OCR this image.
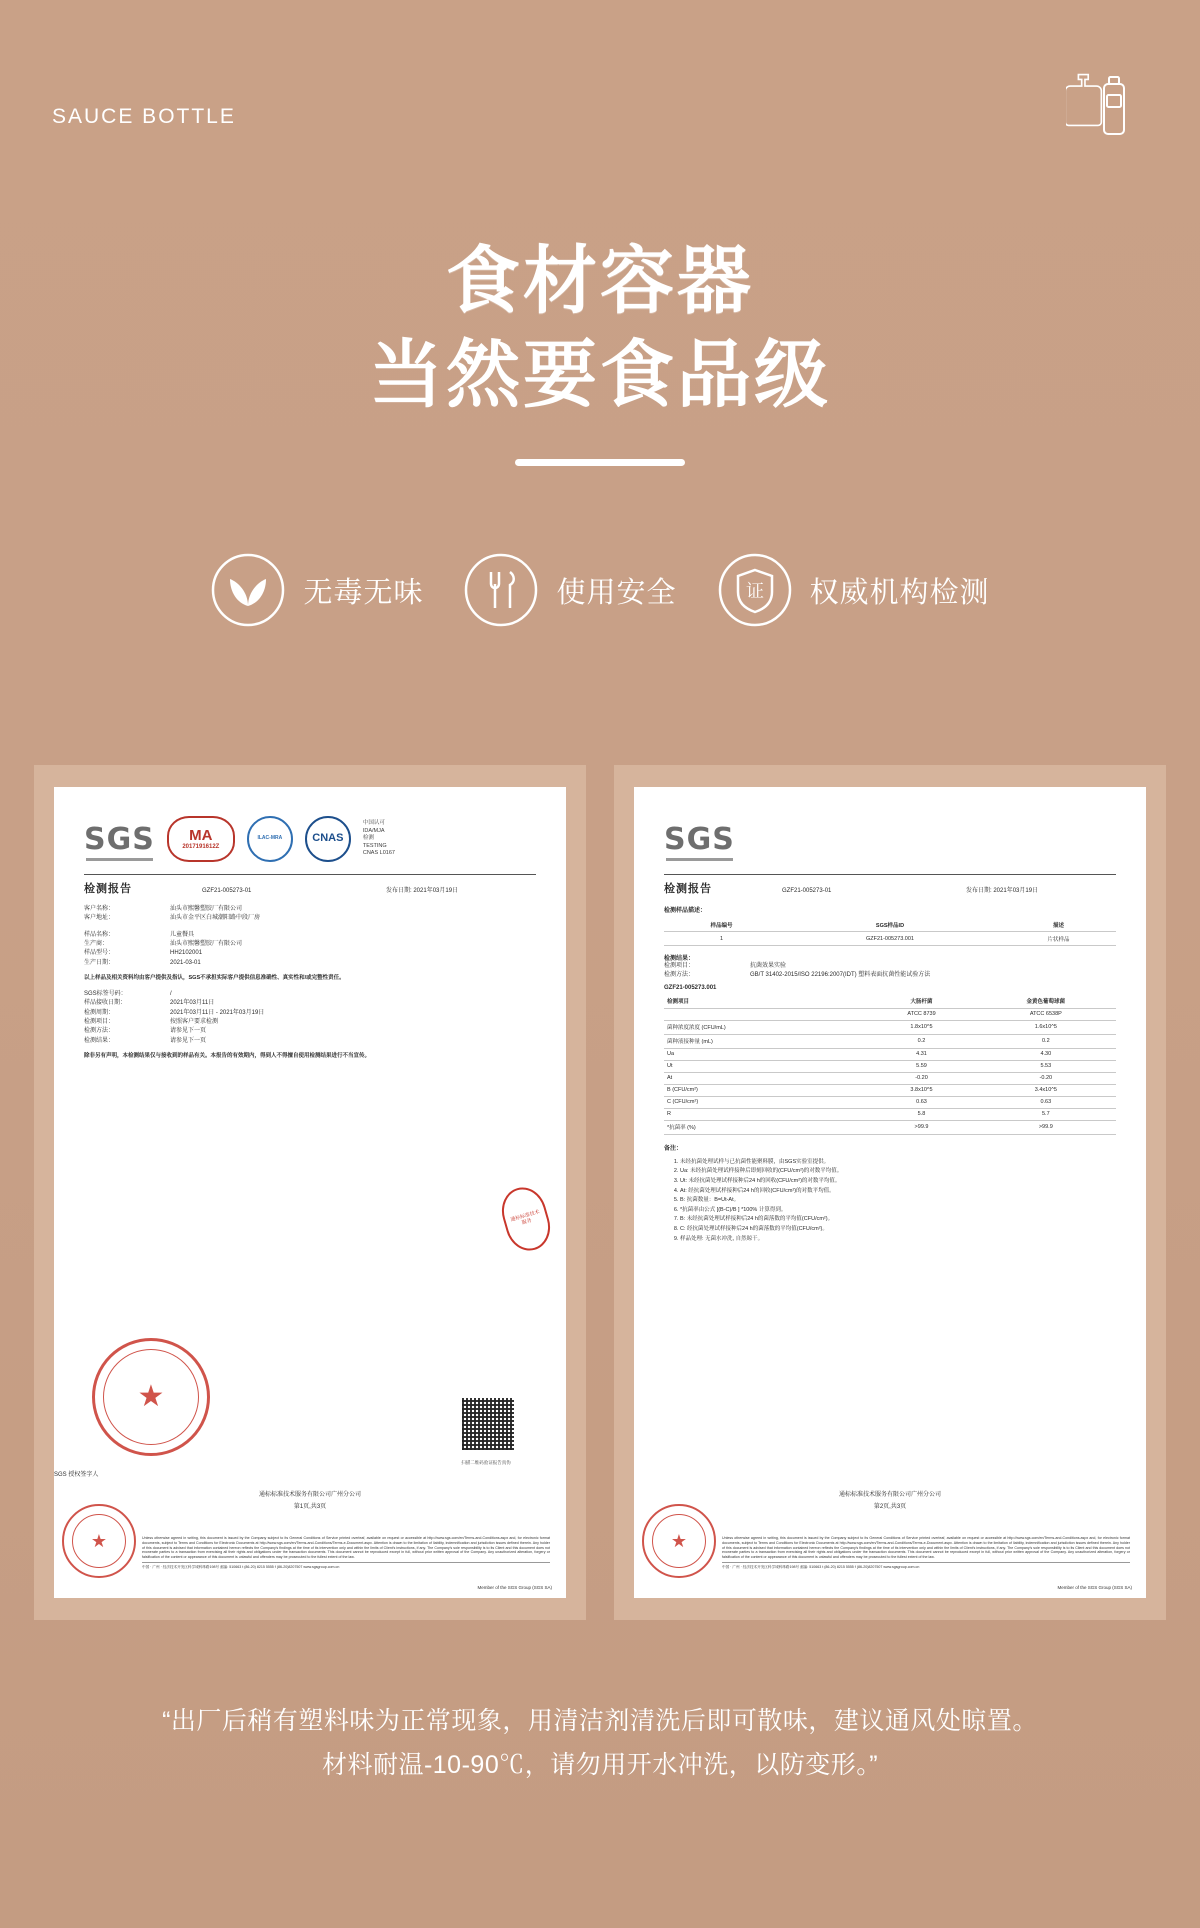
SAUCE BOTTLE
食材容器
当然要食品级
无毒无味	使用安全	证 权威机构检测
SGS MA
2017191612Z
ILAC-MRA	CNAS
中国认可
IDA/MJA
检测
TESTING
CNAS L0167
检测报告	GZF21-005273-01	发布日期: 2021年03月19日
客户名称：	汕头市熙馨塑胶厂有限公司
客户地址：	汕头市金平区白城潮阳路中段厂房
样品名称：	儿童餐具
生产商：	汕头市熙馨塑胶厂有限公司
样品型号：	HH2102001
生产日期：	2021-03-01
以上样品及相关资料均由客户提供及指认，SGS不承担实际客户提供信息准确性、真实性和/或完整性责任。
SGS标签号码：	/
样品接收日期：	2021年03月11日
检测周期：	2021年03月11日 - 2021年03月19日
检测项目：	按照客户要求检测
检测方法：	请参见下一页
检测结果：	请参见下一页
除非另有声明，本检测结果仅与接收到的样品有关。本报告的有效期内，得到人不得擅自使用检测结果进行不当宣传。
通标标准技术服务
★
扫描二维码验证报告真伪
SGS 授权签字人
通标标准技术服务有限公司广州分公司
第1页,共3页
★	Unless otherwise agreed in writing, this document is issued by the Company subject to its General Conditions of Service printed overleaf, available on request or accessible at http://www.sgs.com/en/Terms-and-Conditions.aspx and, for electronic format documents, subject to Terms and Conditions for Electronic Documents at http://www.sgs.com/en/Terms-and-Conditions/Terms-e-Document.aspx. Attention is drawn to the limitation of liability, indemnification and jurisdiction issues defined therein. Any holder of this document is advised that information contained hereon reflects the Company's findings at the time of its intervention only and within the limits of Client's instructions, if any. The Company's sole responsibility is to its Client and this document does not exonerate parties to a transaction from exercising all their rights and obligations under the transaction documents. This document cannot be reproduced except in full, without prior written approval of the Company. Any unauthorized alteration, forgery or falsification of the content or appearance of this document is unlawful and offenders may be prosecuted to the fullest extent of the law.
中国 · 广州 · 经济技术开发区科学城科珠路198号 邮编: 510663 t (86-20) 8215 5555 f (86-20)8207507 www.sgsgroup.com.cn
Member of the SGS Group (SGS SA)
SGS
检测报告	GZF21-005273-01	发布日期: 2021年03月19日
检测样品描述：
样品编号	SGS样品ID	描述
1	GZF21-005273.001	片状样品
检测结果：
检测项目：	抗菌效果实验
检测方法：	GB/T 31402-2015/ISO 22196:2007(IDT) 塑料表面抗菌性能试验方法
GZF21-005273.001
检测项目	大肠杆菌	金黄色葡萄球菌
	ATCC 8739	ATCC 6538P
菌种浓度浓度 (CFU/mL)	1.8x10^5	1.6x10^5
菌种液接种量 (mL)	0.2	0.2
Ua	4.31	4.30
Ut	5.59	5.53
At	-0.20	-0.20
B (CFU/cm²)	3.8x10^5	3.4x10^5
C (CFU/cm²)	0.63	0.63
R	5.8	5.7
*抗菌率 (%)	>99.9	>99.9
备注：
1. 未经抗菌处理试样与已抗菌性能聚料膜，由SGS实验室提供。
2. Ua: 未经抗菌处理试样接种后即刻回收的(CFU/cm²)的对数平均值。
3. Ut: 未经抗菌处理试样接种后24 h的回收(CFU/cm²)的对数平均值。
4. At: 经抗菌处理试样接种后24 h的回收(CFU/cm²)的对数平均值。
5. B: 抗菌数量：B=Ut-At。
6. *抗菌率由公式 [(B-C)/B ] *100% 计算得到。
7. B: 未经抗菌处理试样接种后24 h的菌落数的平均值(CFU/cm²)。
8. C: 经抗菌处理试样接种后24 h的菌落数的平均值(CFU/cm²)。
9. 样品处理: 无菌水冲洗, 自然晾干。
通标标准技术服务有限公司广州分公司
第2页,共3页
★	Unless otherwise agreed in writing, this document is issued by the Company subject to its General Conditions of Service printed overleaf, available on request or accessible at http://www.sgs.com/en/Terms-and-Conditions.aspx and, for electronic format documents, subject to Terms and Conditions for Electronic Documents at http://www.sgs.com/en/Terms-and-Conditions/Terms-e-Document.aspx. Attention is drawn to the limitation of liability, indemnification and jurisdiction issues defined therein. Any holder of this document is advised that information contained hereon reflects the Company's findings at the time of its intervention only and within the limits of Client's instructions, if any. The Company's sole responsibility is to its Client and this document does not exonerate parties to a transaction from exercising all their rights and obligations under the transaction documents. This document cannot be reproduced except in full, without prior written approval of the Company. Any unauthorized alteration, forgery or falsification of the content or appearance of this document is unlawful and offenders may be prosecuted to the fullest extent of the law.
中国 · 广州 · 经济技术开发区科学城科珠路198号 邮编: 510663 t (86-20) 8215 5555 f (86-20)8207507 www.sgsgroup.com.cn
Member of the SGS Group (SGS SA)
“出厂后稍有塑料味为正常现象，用清洁剂清洗后即可散味，建议通风处晾置。
材料耐温-10-90℃，请勿用开水冲洗，以防变形。”
